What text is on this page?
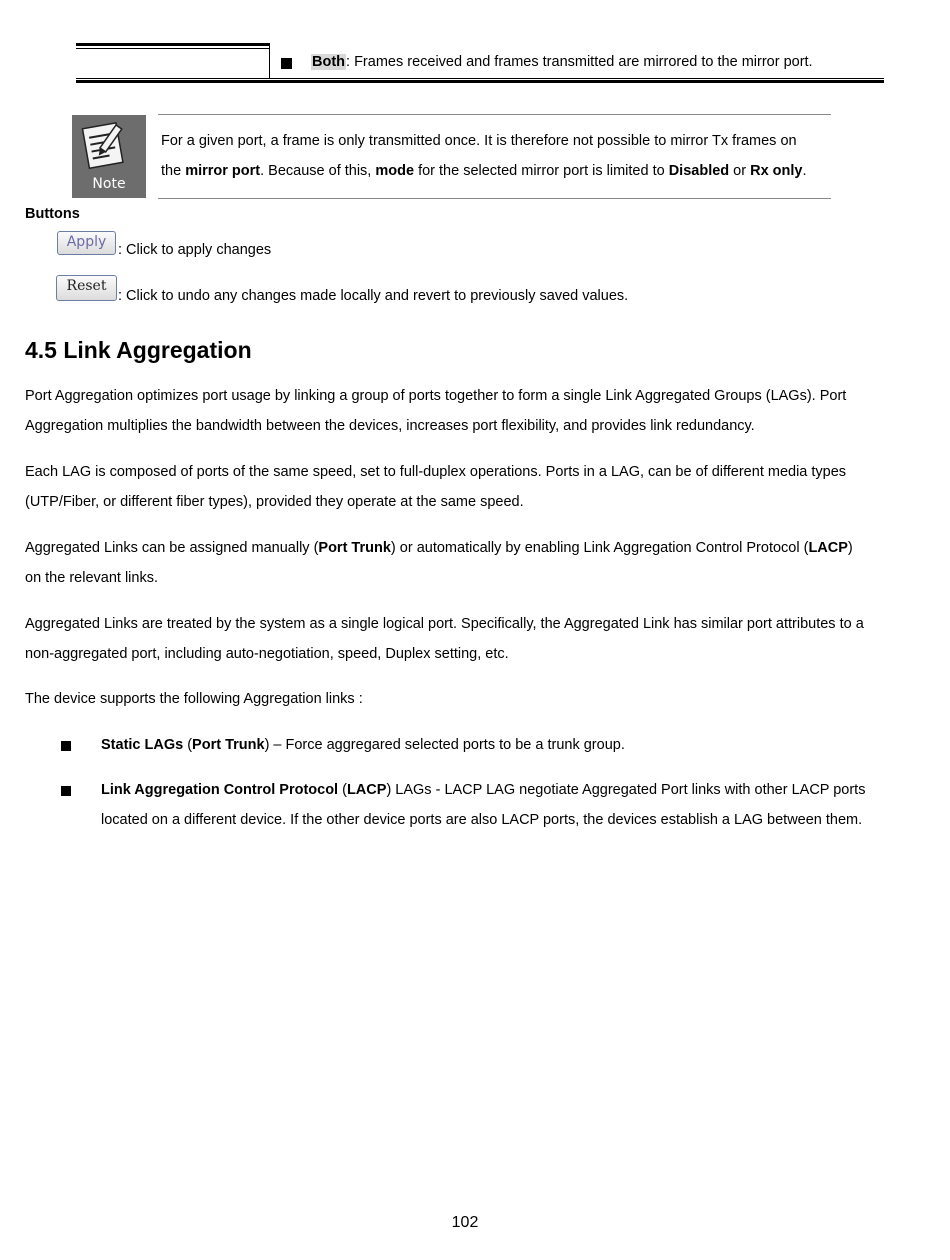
Both: Frames received and frames transmitted are mirrored to the mirror port.
Note
For a given port, a frame is only transmitted once. It is therefore not possible to mirror Tx frames on
the mirror port. Because of this, mode for the selected mirror port is limited to Disabled or Rx only.
Buttons
Apply : Click to apply changes
Reset
: Click to undo any changes made locally and revert to previously saved values.
4.5 Link Aggregation
Port Aggregation optimizes port usage by linking a group of ports together to form a single Link Aggregated Groups (LAGs). Port
Aggregation multiplies the bandwidth between the devices, increases port flexibility, and provides link redundancy.
Each LAG is composed of ports of the same speed, set to full-duplex operations. Ports in a LAG, can be of different media types
(UTP/Fiber, or different fiber types), provided they operate at the same speed.
Aggregated Links can be assigned manually (Port Trunk) or automatically by enabling Link Aggregation Control Protocol (LACP)
on the relevant links.
Aggregated Links are treated by the system as a single logical port. Specifically, the Aggregated Link has similar port attributes to a
non-aggregated port, including auto-negotiation, speed, Duplex setting, etc.
The device supports the following Aggregation links :
Static LAGs (Port Trunk) – Force aggregared selected ports to be a trunk group.
Link Aggregation Control Protocol (LACP) LAGs - LACP LAG negotiate Aggregated Port links with other LACP ports
located on a different device. If the other device ports are also LACP ports, the devices establish a LAG between them.
102
